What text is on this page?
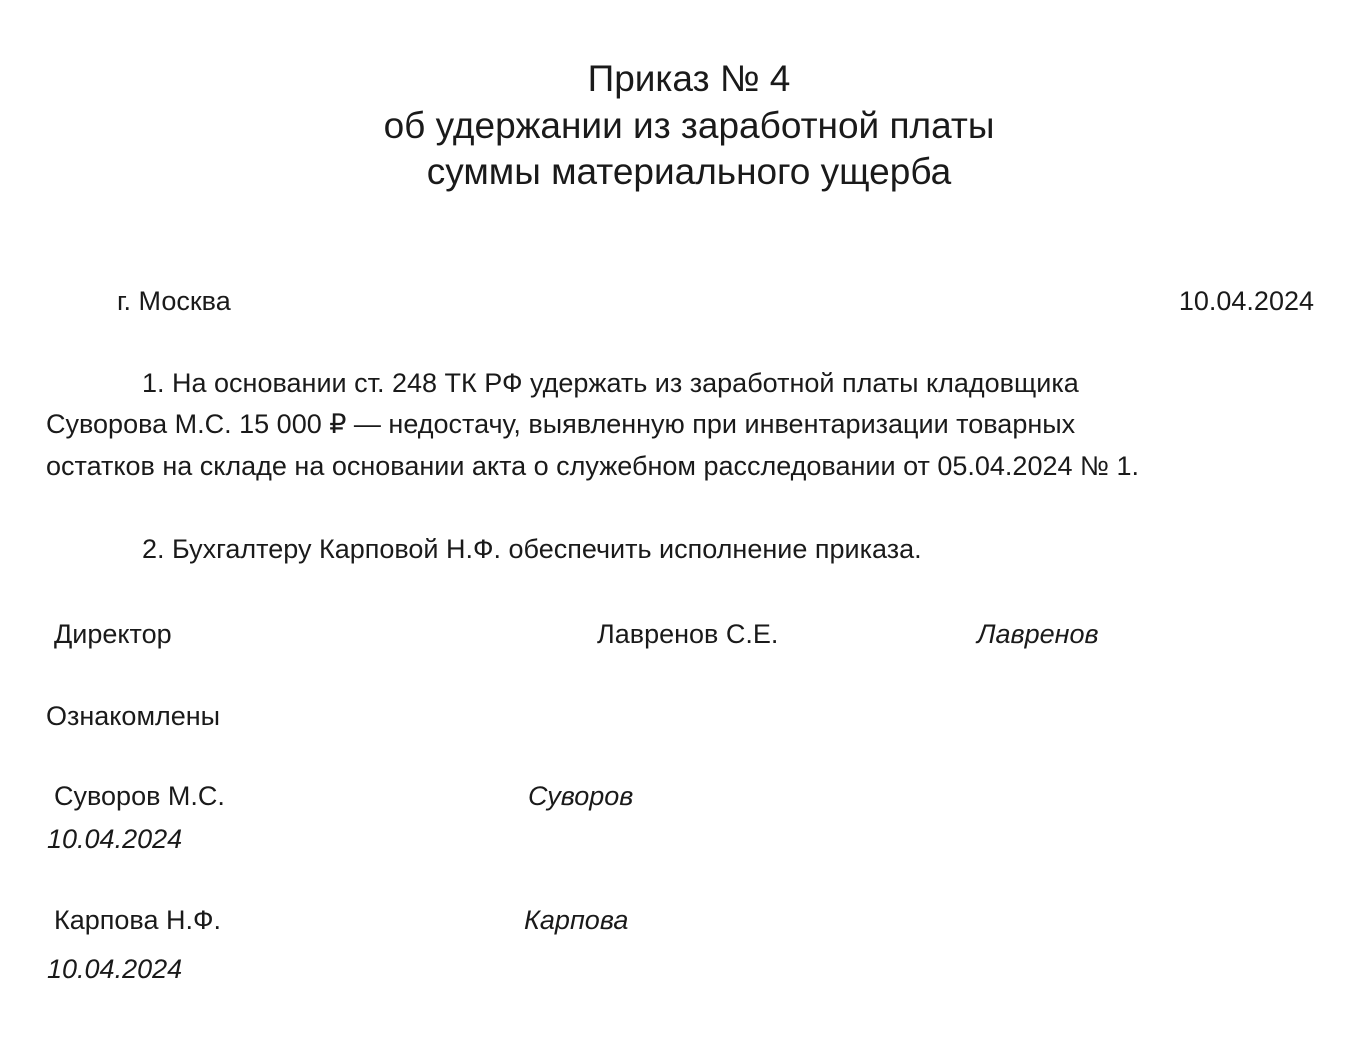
Приказ № 4
об удержании из заработной платы
суммы материального ущерба
г. Москва	10.04.2024
1. На основании ст. 248 ТК РФ удержать из заработной платы кладовщика
Суворова М.С. 15 000 ₽ — недостачу, выявленную при инвентаризации товарных
остатков на складе на основании акта о служебном расследовании от 05.04.2024 № 1.
2. Бухгалтеру Карповой Н.Ф. обеспечить исполнение приказа.
Директор	Лавренов С.Е.	Лавренов
Ознакомлены
Суворов М.С.	Суворов
10.04.2024
Карпова Н.Ф.	Карпова
10.04.2024
